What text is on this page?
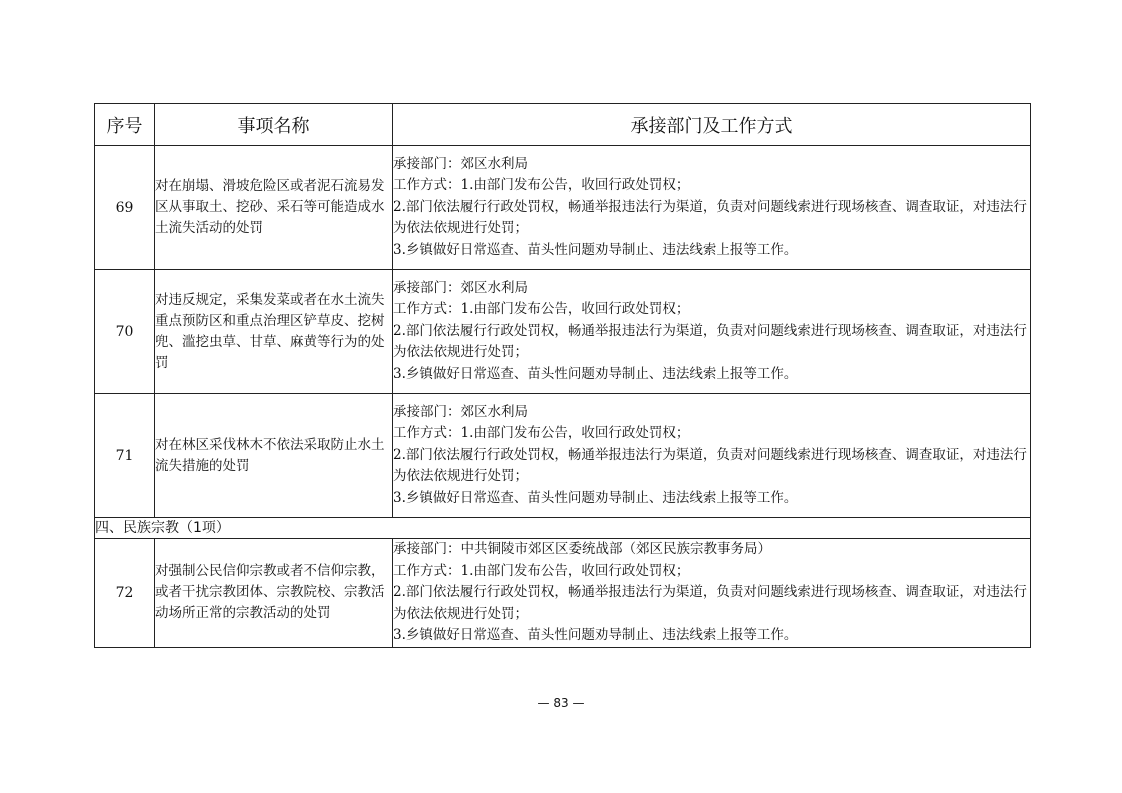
序号	事项名称	承接部门及工作方式
69	对在崩塌、滑坡危险区或者泥石流易发区从事取土、挖砂、采石等可能造成水土流失活动的处罚	承接部门：郊区水利局
工作方式：1.由部门发布公告，收回行政处罚权；
2.部门依法履行行政处罚权，畅通举报违法行为渠道，负责对问题线索进行现场核查、调查取证，对违法行为依法依规进行处罚；
3.乡镇做好日常巡查、苗头性问题劝导制止、违法线索上报等工作。

70	对违反规定，采集发菜或者在水土流失重点预防区和重点治理区铲草皮、挖树兜、滥挖虫草、甘草、麻黄等行为的处罚	承接部门：郊区水利局
工作方式：1.由部门发布公告，收回行政处罚权；
2.部门依法履行行政处罚权，畅通举报违法行为渠道，负责对问题线索进行现场核查、调查取证，对违法行为依法依规进行处罚；
3.乡镇做好日常巡查、苗头性问题劝导制止、违法线索上报等工作。

71	对在林区采伐林木不依法采取防止水土流失措施的处罚	承接部门：郊区水利局
工作方式：1.由部门发布公告，收回行政处罚权；
2.部门依法履行行政处罚权，畅通举报违法行为渠道，负责对问题线索进行现场核查、调查取证，对违法行为依法依规进行处罚；
3.乡镇做好日常巡查、苗头性问题劝导制止、违法线索上报等工作。

四、民族宗教（1项）		
72	对强制公民信仰宗教或者不信仰宗教，或者干扰宗教团体、宗教院校、宗教活动场所正常的宗教活动的处罚	承接部门：中共铜陵市郊区区委统战部（郊区民族宗教事务局）
工作方式：1.由部门发布公告，收回行政处罚权；
2.部门依法履行行政处罚权，畅通举报违法行为渠道，负责对问题线索进行现场核查、调查取证，对违法行为依法依规进行处罚；
3.乡镇做好日常巡查、苗头性问题劝导制止、违法线索上报等工作。
— 83 —
